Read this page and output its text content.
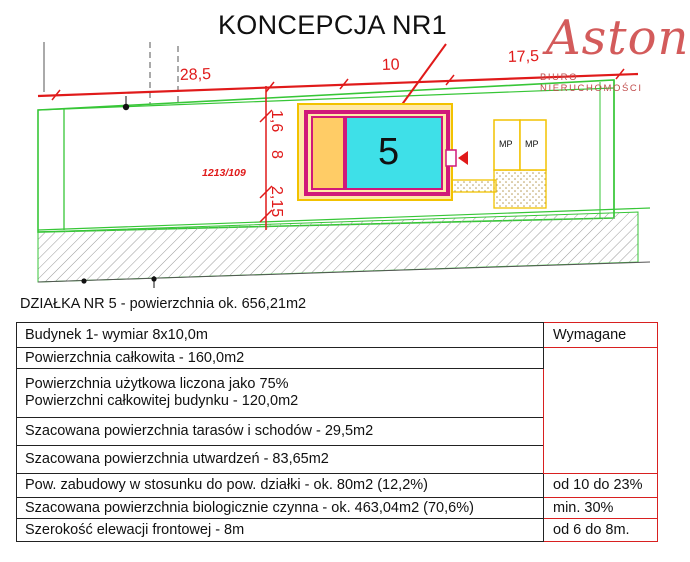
28,5
10	17,5
1,6
8
2,15
1213/109	5	MP MP
KONCEPCJA NR1 Aston
BIURO NIERUCHOMOŚCI
DZIAŁKA NR 5 - powierzchnia ok. 656,21m2
Budynek 1- wymiar 8x10,0m	Wymagane
Powierzchnia całkowita - 160,0m2	

Powierzchnia użytkowa liczona jako 75%
Powierzchni całkowitej budynku - 120,0m2	

Szacowana powierzchnia tarasów i schodów - 29,5m2	
Szacowana powierzchnia utwardzeń - 83,65m2	
Pow. zabudowy w stosunku do pow. działki - ok. 80m2 (12,2%)	od 10 do 23%
Szacowana powierzchnia biologicznie czynna - ok. 463,04m2 (70,6%)	min. 30%
Szerokość elewacji frontowej - 8m	od 6 do 8m.
